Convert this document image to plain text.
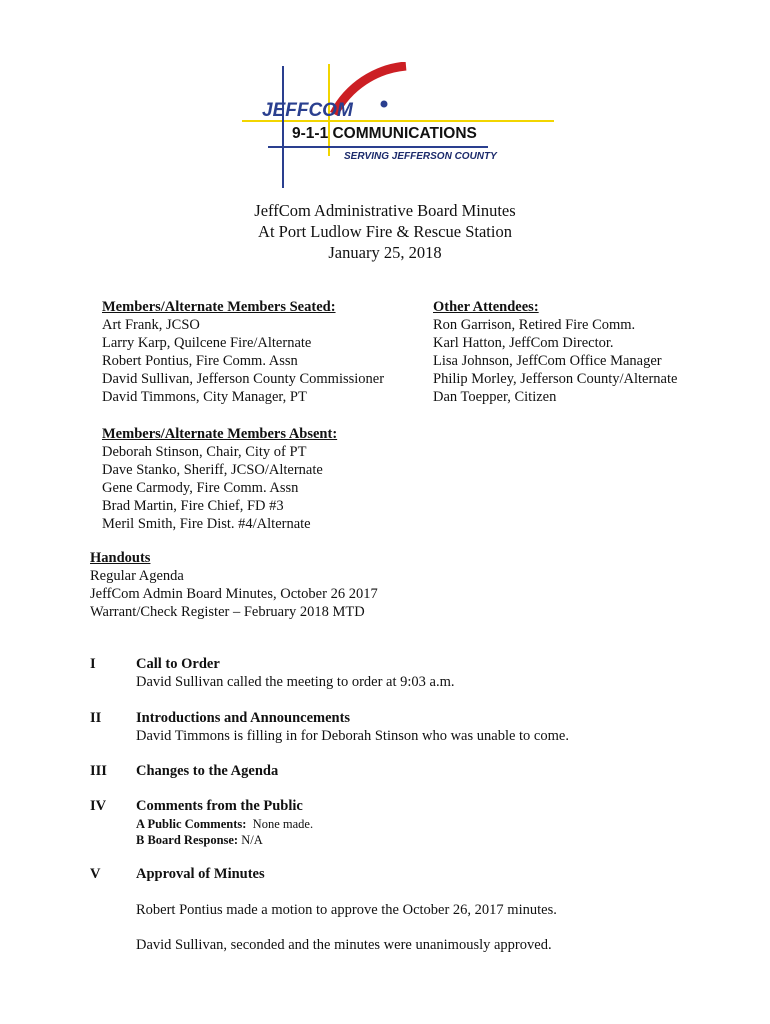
JEFFCOM
9-1-1 COMMUNICATIONS
SERVING JEFFERSON COUNTY
JeffCom Administrative Board Minutes
At Port Ludlow Fire & Rescue Station
January 25, 2018
Members/Alternate Members Seated:
Art Frank, JCSO
Larry Karp, Quilcene Fire/Alternate
Robert Pontius, Fire Comm. Assn
David Sullivan, Jefferson County Commissioner
David Timmons, City Manager, PT
Other Attendees:
Ron Garrison, Retired Fire Comm.
Karl Hatton, JeffCom Director.
Lisa Johnson, JeffCom Office Manager
Philip Morley, Jefferson County/Alternate
Dan Toepper, Citizen
Members/Alternate Members Absent:
Deborah Stinson, Chair, City of PT
Dave Stanko, Sheriff, JCSO/Alternate
Gene Carmody, Fire Comm. Assn
Brad Martin, Fire Chief, FD #3
Meril Smith, Fire Dist. #4/Alternate
Handouts
Regular Agenda
JeffCom Admin Board Minutes, October 26 2017
Warrant/Check Register – February 2018 MTD
I	Call to Order
David Sullivan called the meeting to order at 9:03 a.m.
II Introductions and Announcements
David Timmons is filling in for Deborah Stinson who was unable to come.
III Changes to the Agenda
IV Comments from the Public
A Public Comments: None made.
B Board Response: N/A
V Approval of Minutes
Robert Pontius made a motion to approve the October 26, 2017 minutes.
David Sullivan, seconded and the minutes were unanimously approved.
